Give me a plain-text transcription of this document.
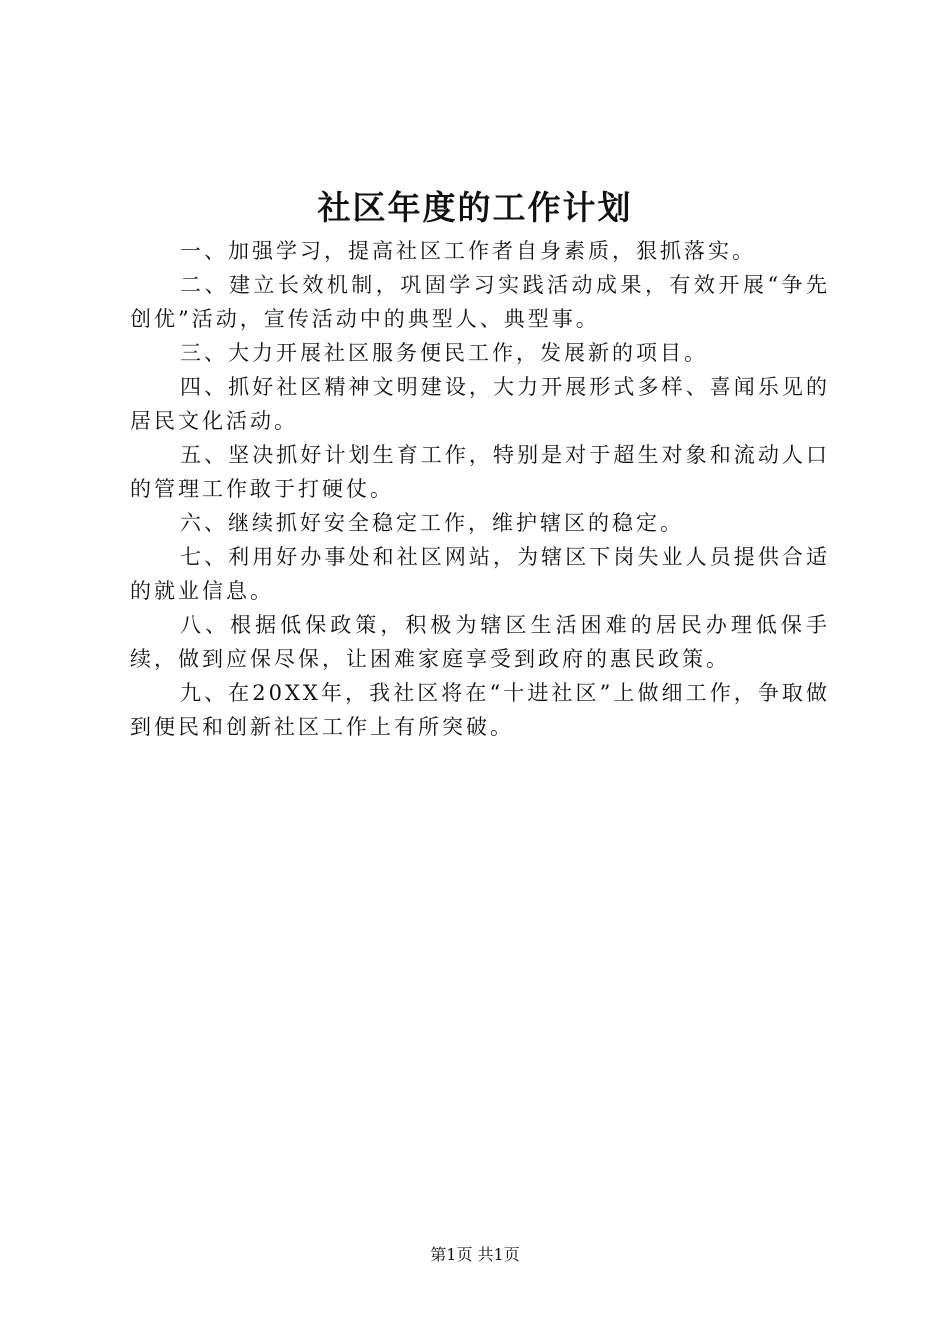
社区年度的工作计划

一、加强学习，提高社区工作者自身素质，狠抓落实。

二、建立长效机制，巩固学习实践活动成果，有效开展“争先创优”活动，宣传活动中的典型人、典型事。

三、大力开展社区服务便民工作，发展新的项目。

四、抓好社区精神文明建设，大力开展形式多样、喜闻乐见的居民文化活动。

五、坚决抓好计划生育工作，特别是对于超生对象和流动人口的管理工作敢于打硬仗。

六、继续抓好安全稳定工作，维护辖区的稳定。

七、利用好办事处和社区网站，为辖区下岗失业人员提供合适的就业信息。

八、根据低保政策，积极为辖区生活困难的居民办理低保手续，做到应保尽保，让困难家庭享受到政府的惠民政策。

九、在20XX年，我社区将在“十进社区”上做细工作，争取做到便民和创新社区工作上有所突破。

第1页 共1页
